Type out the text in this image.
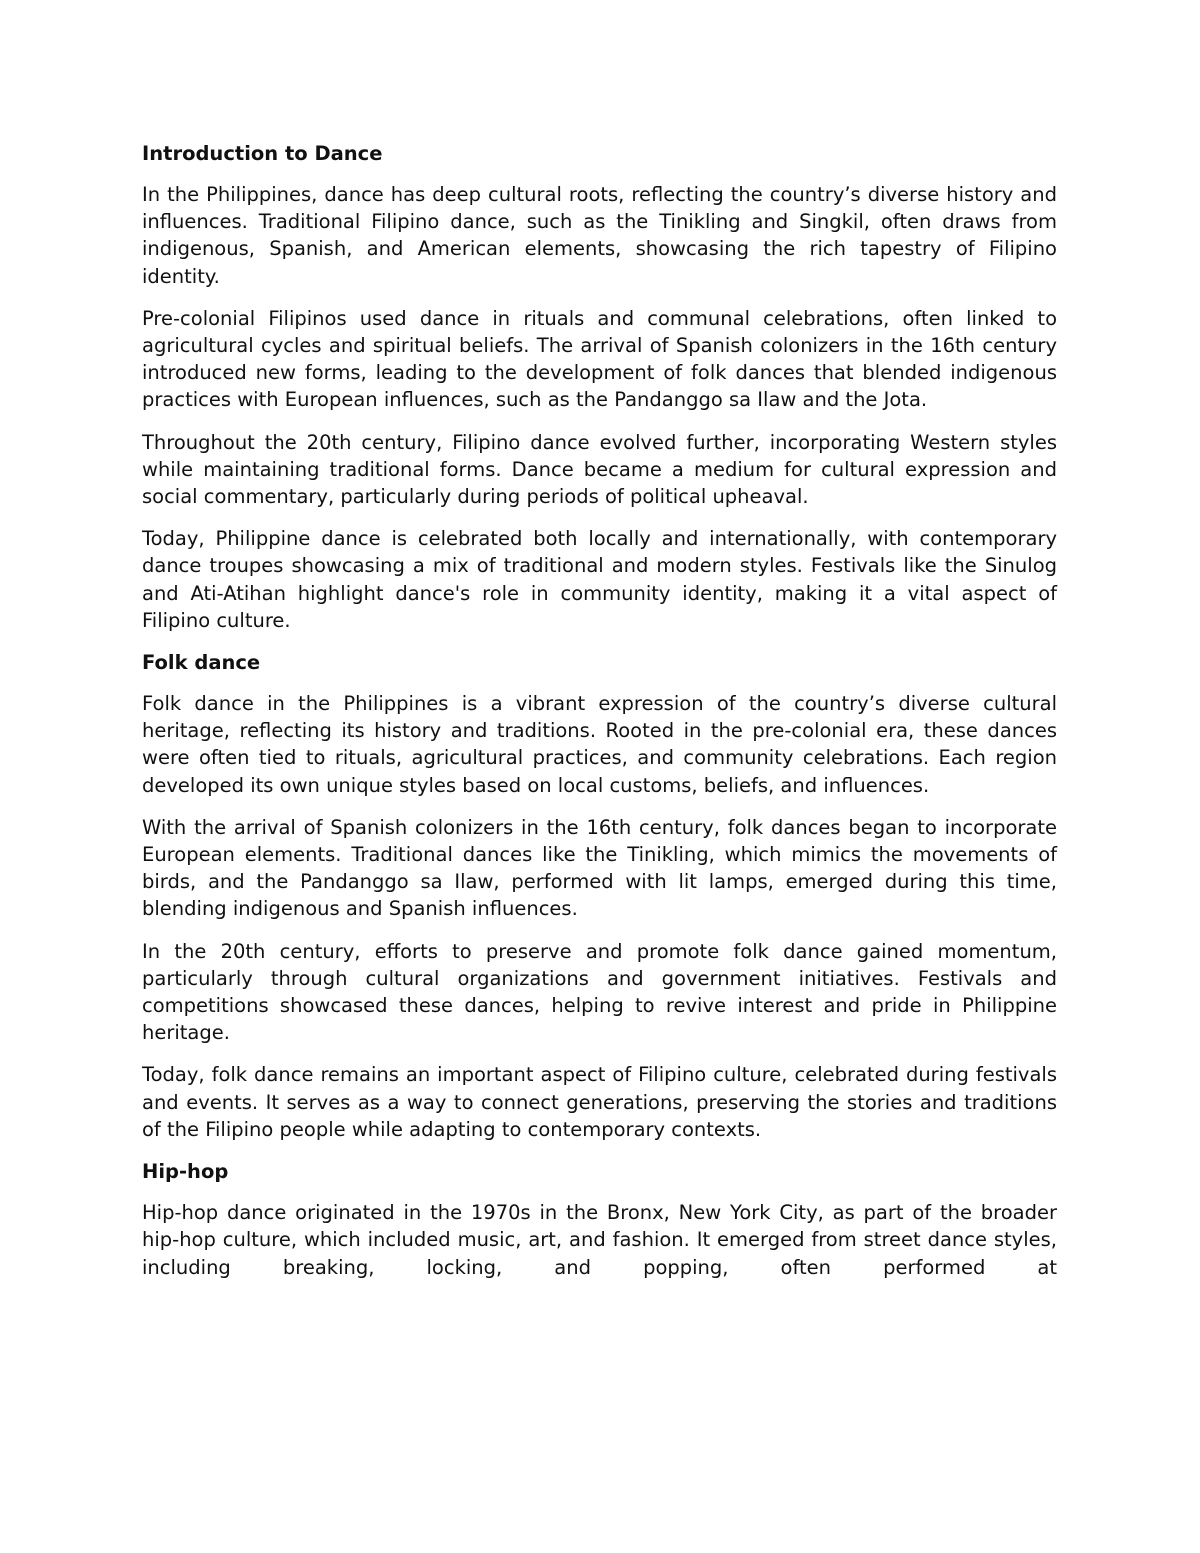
Introduction to Dance

In the Philippines, dance has deep cultural roots, reflecting the country’s diverse history and influences. Traditional Filipino dance, such as the Tinikling and Singkil, often draws from indigenous, Spanish, and American elements, showcasing the rich tapestry of Filipino identity.

Pre-colonial Filipinos used dance in rituals and communal celebrations, often linked to agricultural cycles and spiritual beliefs. The arrival of Spanish colonizers in the 16th century introduced new forms, leading to the development of folk dances that blended indigenous practices with European influences, such as the Pandanggo sa Ilaw and the Jota.

Throughout the 20th century, Filipino dance evolved further, incorporating Western styles while maintaining traditional forms. Dance became a medium for cultural expression and social commentary, particularly during periods of political upheaval.

Today, Philippine dance is celebrated both locally and internationally, with contemporary dance troupes showcasing a mix of traditional and modern styles. Festivals like the Sinulog and Ati-Atihan highlight dance's role in community identity, making it a vital aspect of Filipino culture.

Folk dance

Folk dance in the Philippines is a vibrant expression of the country’s diverse cultural heritage, reflecting its history and traditions. Rooted in the pre-colonial era, these dances were often tied to rituals, agricultural practices, and community celebrations. Each region developed its own unique styles based on local customs, beliefs, and influences.

With the arrival of Spanish colonizers in the 16th century, folk dances began to incorporate European elements. Traditional dances like the Tinikling, which mimics the movements of birds, and the Pandanggo sa Ilaw, performed with lit lamps, emerged during this time, blending indigenous and Spanish influences.

In the 20th century, efforts to preserve and promote folk dance gained momentum, particularly through cultural organizations and government initiatives. Festivals and competitions showcased these dances, helping to revive interest and pride in Philippine heritage.

Today, folk dance remains an important aspect of Filipino culture, celebrated during festivals and events. It serves as a way to connect generations, preserving the stories and traditions of the Filipino people while adapting to contemporary contexts.

Hip-hop

Hip-hop dance originated in the 1970s in the Bronx, New York City, as part of the broader hip-hop culture, which included music, art, and fashion. It emerged from street dance styles, including breaking, locking, and popping, often performed at
